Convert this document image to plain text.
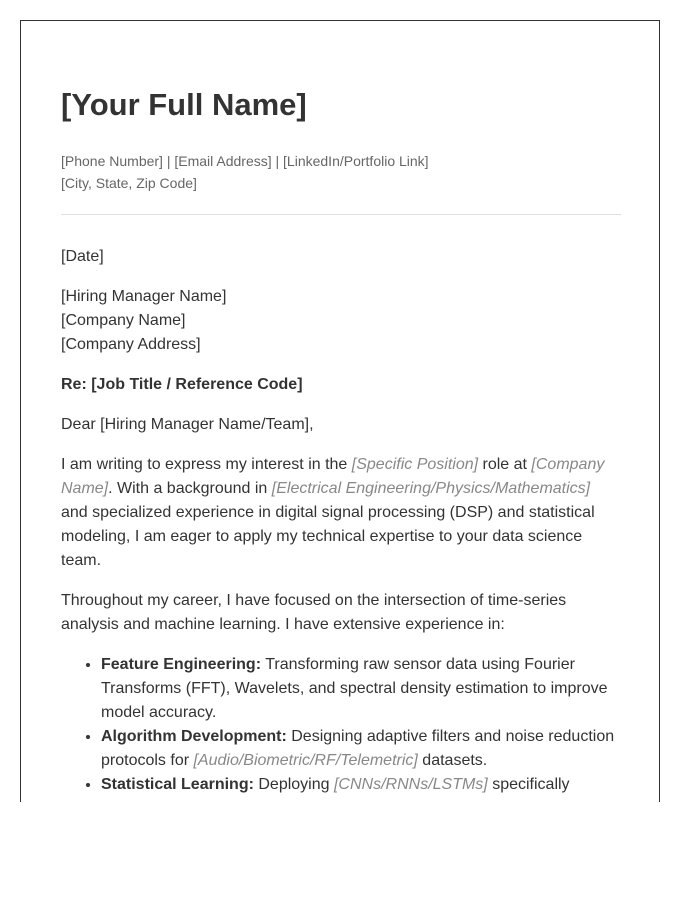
[Your Full Name]
[Phone Number] | [Email Address] | [LinkedIn/Portfolio Link]
[City, State, Zip Code]

[Date]

[Hiring Manager Name]
[Company Name]
[Company Address]

Re: [Job Title / Reference Code]

Dear [Hiring Manager Name/Team],

I am writing to express my interest in the [Specific Position] role at [Company Name]. With a background in [Electrical Engineering/Physics/Mathematics] and specialized experience in digital signal processing (DSP) and statistical modeling, I am eager to apply my technical expertise to your data science team.

Throughout my career, I have focused on the intersection of time-series analysis and machine learning. I have extensive experience in:

• Feature Engineering: Transforming raw sensor data using Fourier Transforms (FFT), Wavelets, and spectral density estimation to improve model accuracy.
• Algorithm Development: Designing adaptive filters and noise reduction protocols for [Audio/Biometric/RF/Telemetric] datasets.
• Statistical Learning: Deploying [CNNs/RNNs/LSTMs] specifically
